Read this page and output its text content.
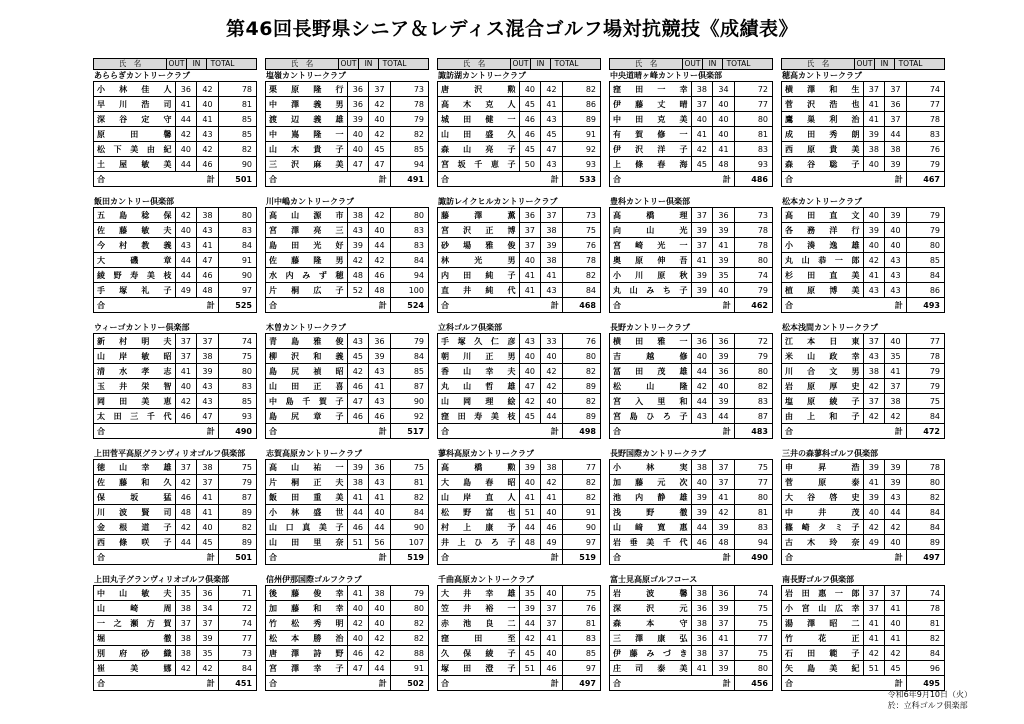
第46回長野県シニア＆レディス混合ゴルフ場対抗競技《成績表》
氏　名	OUT	IN	TOTAL
あららぎカントリークラブ
小林佳人	36	42	78
早川浩司	41	40	81
深谷定守	44	41	85
原田馨	42	43	85
松下美由紀	40	42	82
土屋敏美	44	46	90
合計			501
氏　名	OUT	IN	TOTAL
塩嶺カントリークラブ
栗原隆行	36	37	73
中澤義男	36	42	78
渡辺義雄	39	40	79
中嶌隆一	40	42	82
山木貴子	40	45	85
三沢麻美	47	47	94
合計			491
氏　名	OUT	IN	TOTAL
諏訪湖カントリークラブ
唐沢勲	40	42	82
高木克人	45	41	86
城田健一	46	43	89
山田盛久	46	45	91
森山亮子	45	47	92
宮坂千恵子	50	43	93
合計			533
氏　名	OUT	IN	TOTAL
中央道晴ヶ峰カントリー倶楽部
窪田一幸	38	34	72
伊藤丈晴	37	40	77
中田克美	40	40	80
有賀修一	41	40	81
伊沢洋子	42	41	83
上條春海	45	48	93
合計			486
氏　名	OUT	IN	TOTAL
穂高カントリークラブ
横澤和生	37	37	74
菅沢浩也	41	36	77
鷹巣利治	41	37	78
成田秀朗	39	44	83
西原貴美	38	38	76
森谷聡子	40	39	79
合計			467
飯田カントリー倶楽部
五島稔保	42	38	80
佐藤敏夫	40	43	83
今村教義	43	41	84
大磯章	44	47	91
綾野寿美枝	44	46	90
手塚礼子	49	48	97
合計			525
川中嶋カントリークラブ
高山源市	38	42	80
宮澤亮三	43	40	83
島田光好	39	44	83
佐藤隆男	42	42	84
水内みず穂	48	46	94
片桐広子	52	48	100
合計			524
諏訪レイクヒルカントリークラブ
藤澤薫	36	37	73
宮沢正博	37	38	75
砂場雅俊	37	39	76
林光男	40	38	78
内田純子	41	41	82
直井純代	41	43	84
合計			468
豊科カントリー倶楽部
高橋理	37	36	73
向山光	39	39	78
宮崎光一	37	41	78
奥原伸吾	41	39	80
小川原秋	39	35	74
丸山みち子	39	40	79
合計			462
松本カントリークラブ
高田直文	40	39	79
各務洋行	39	40	79
小湊逸雄	40	40	80
丸山恭一郎	42	43	85
杉田直美	41	43	84
植原博美	43	43	86
合計			493
ウィーゴカントリー倶楽部
新村明夫	37	37	74
山岸敏昭	37	38	75
清水孝志	41	39	80
玉井栄智	40	43	83
岡田美恵	42	43	85
太田三千代	46	47	93
合計			490
木曽カントリークラブ
青島雅俊	43	36	79
柳沢和義	45	39	84
島尻禎昭	42	43	85
山田正喜	46	41	87
中島千賀子	47	43	90
島尻章子	46	46	92
合計			517
立科ゴルフ倶楽部
手塚久仁彦	43	33	76
朝川正男	40	40	80
香山幸夫	40	42	82
丸山哲雄	47	42	89
山岡理絵	42	40	82
窪田寿美枝	45	44	89
合計			498
長野カントリークラブ
横田雅一	36	36	72
吉越修	40	39	79
冨田茂雄	44	36	80
松山隆	42	40	82
宮入里和	44	39	83
宮島ひろ子	43	44	87
合計			483
松本浅間カントリークラブ
江本日東	37	40	77
米山政幸	43	35	78
川合文男	38	41	79
岩原厚史	42	37	79
塩原綾子	37	38	75
由上和子	42	42	84
合計			472
上田菅平高原グランヴィリオゴルフ倶楽部
徳山幸雄	37	38	75
佐藤和久	42	37	79
保坂猛	46	41	87
川波賢司	48	41	89
金根道子	42	40	82
西條咲子	44	45	89
合計			501
志賀高原カントリークラブ
高山祐一	39	36	75
片桐正夫	38	43	81
飯田重美	41	41	82
小林盛世	44	40	84
山口真美子	46	44	90
山田里奈	51	56	107
合計			519
蓼科高原カントリークラブ
高橋勲	39	38	77
大島春昭	40	42	82
山岸直人	41	41	82
松野富也	51	40	91
村上康予	44	46	90
井上ひろ子	48	49	97
合計			519
長野国際カントリークラブ
小林実	38	37	75
加藤元次	40	37	77
池内静雄	39	41	80
浅野徹	39	42	81
山﨑寛惠	44	39	83
岩垂美千代	46	48	94
合計			490
三井の森蓼科ゴルフ倶楽部
申昇浩	39	39	78
菅原泰	41	39	80
大谷啓史	39	43	82
中井茂	40	44	84
篠崎タミ子	42	42	84
古木玲奈	49	40	89
合計			497
上田丸子グランヴィリオゴルフ倶楽部
中山敏夫	35	36	71
山崎周	38	34	72
一之瀬方賀	37	37	74
堀徹	38	39	77
別府砂織	38	35	73
崔美娜	42	42	84
合計			451
信州伊那国際ゴルフクラブ
後藤俊幸	41	38	79
加藤和幸	40	40	80
竹松秀明	42	40	82
松本勝治	40	42	82
唐澤詩野	46	42	88
宮澤幸子	47	44	91
合計			502
千曲高原カントリークラブ
大井幸雄	35	40	75
笠井裕一	39	37	76
赤池良二	44	37	81
窪田至	42	41	83
久保綾子	45	40	85
塚田澄子	51	46	97
合計			497
富士見高原ゴルフコース
岩波馨	38	36	74
深沢元	36	39	75
森本守	38	37	75
三澤康弘	36	41	77
伊藤みづき	38	37	75
庄司泰美	41	39	80
合計			456
南長野ゴルフ倶楽部
岩田惠一郎	37	37	74
小宮山広幸	37	41	78
湯澤昭二	41	40	81
竹花正	41	41	82
石田範子	42	42	84
矢島美紀	51	45	96
合計			495
令和6年9月10日（火）
於：立科ゴルフ倶楽部
